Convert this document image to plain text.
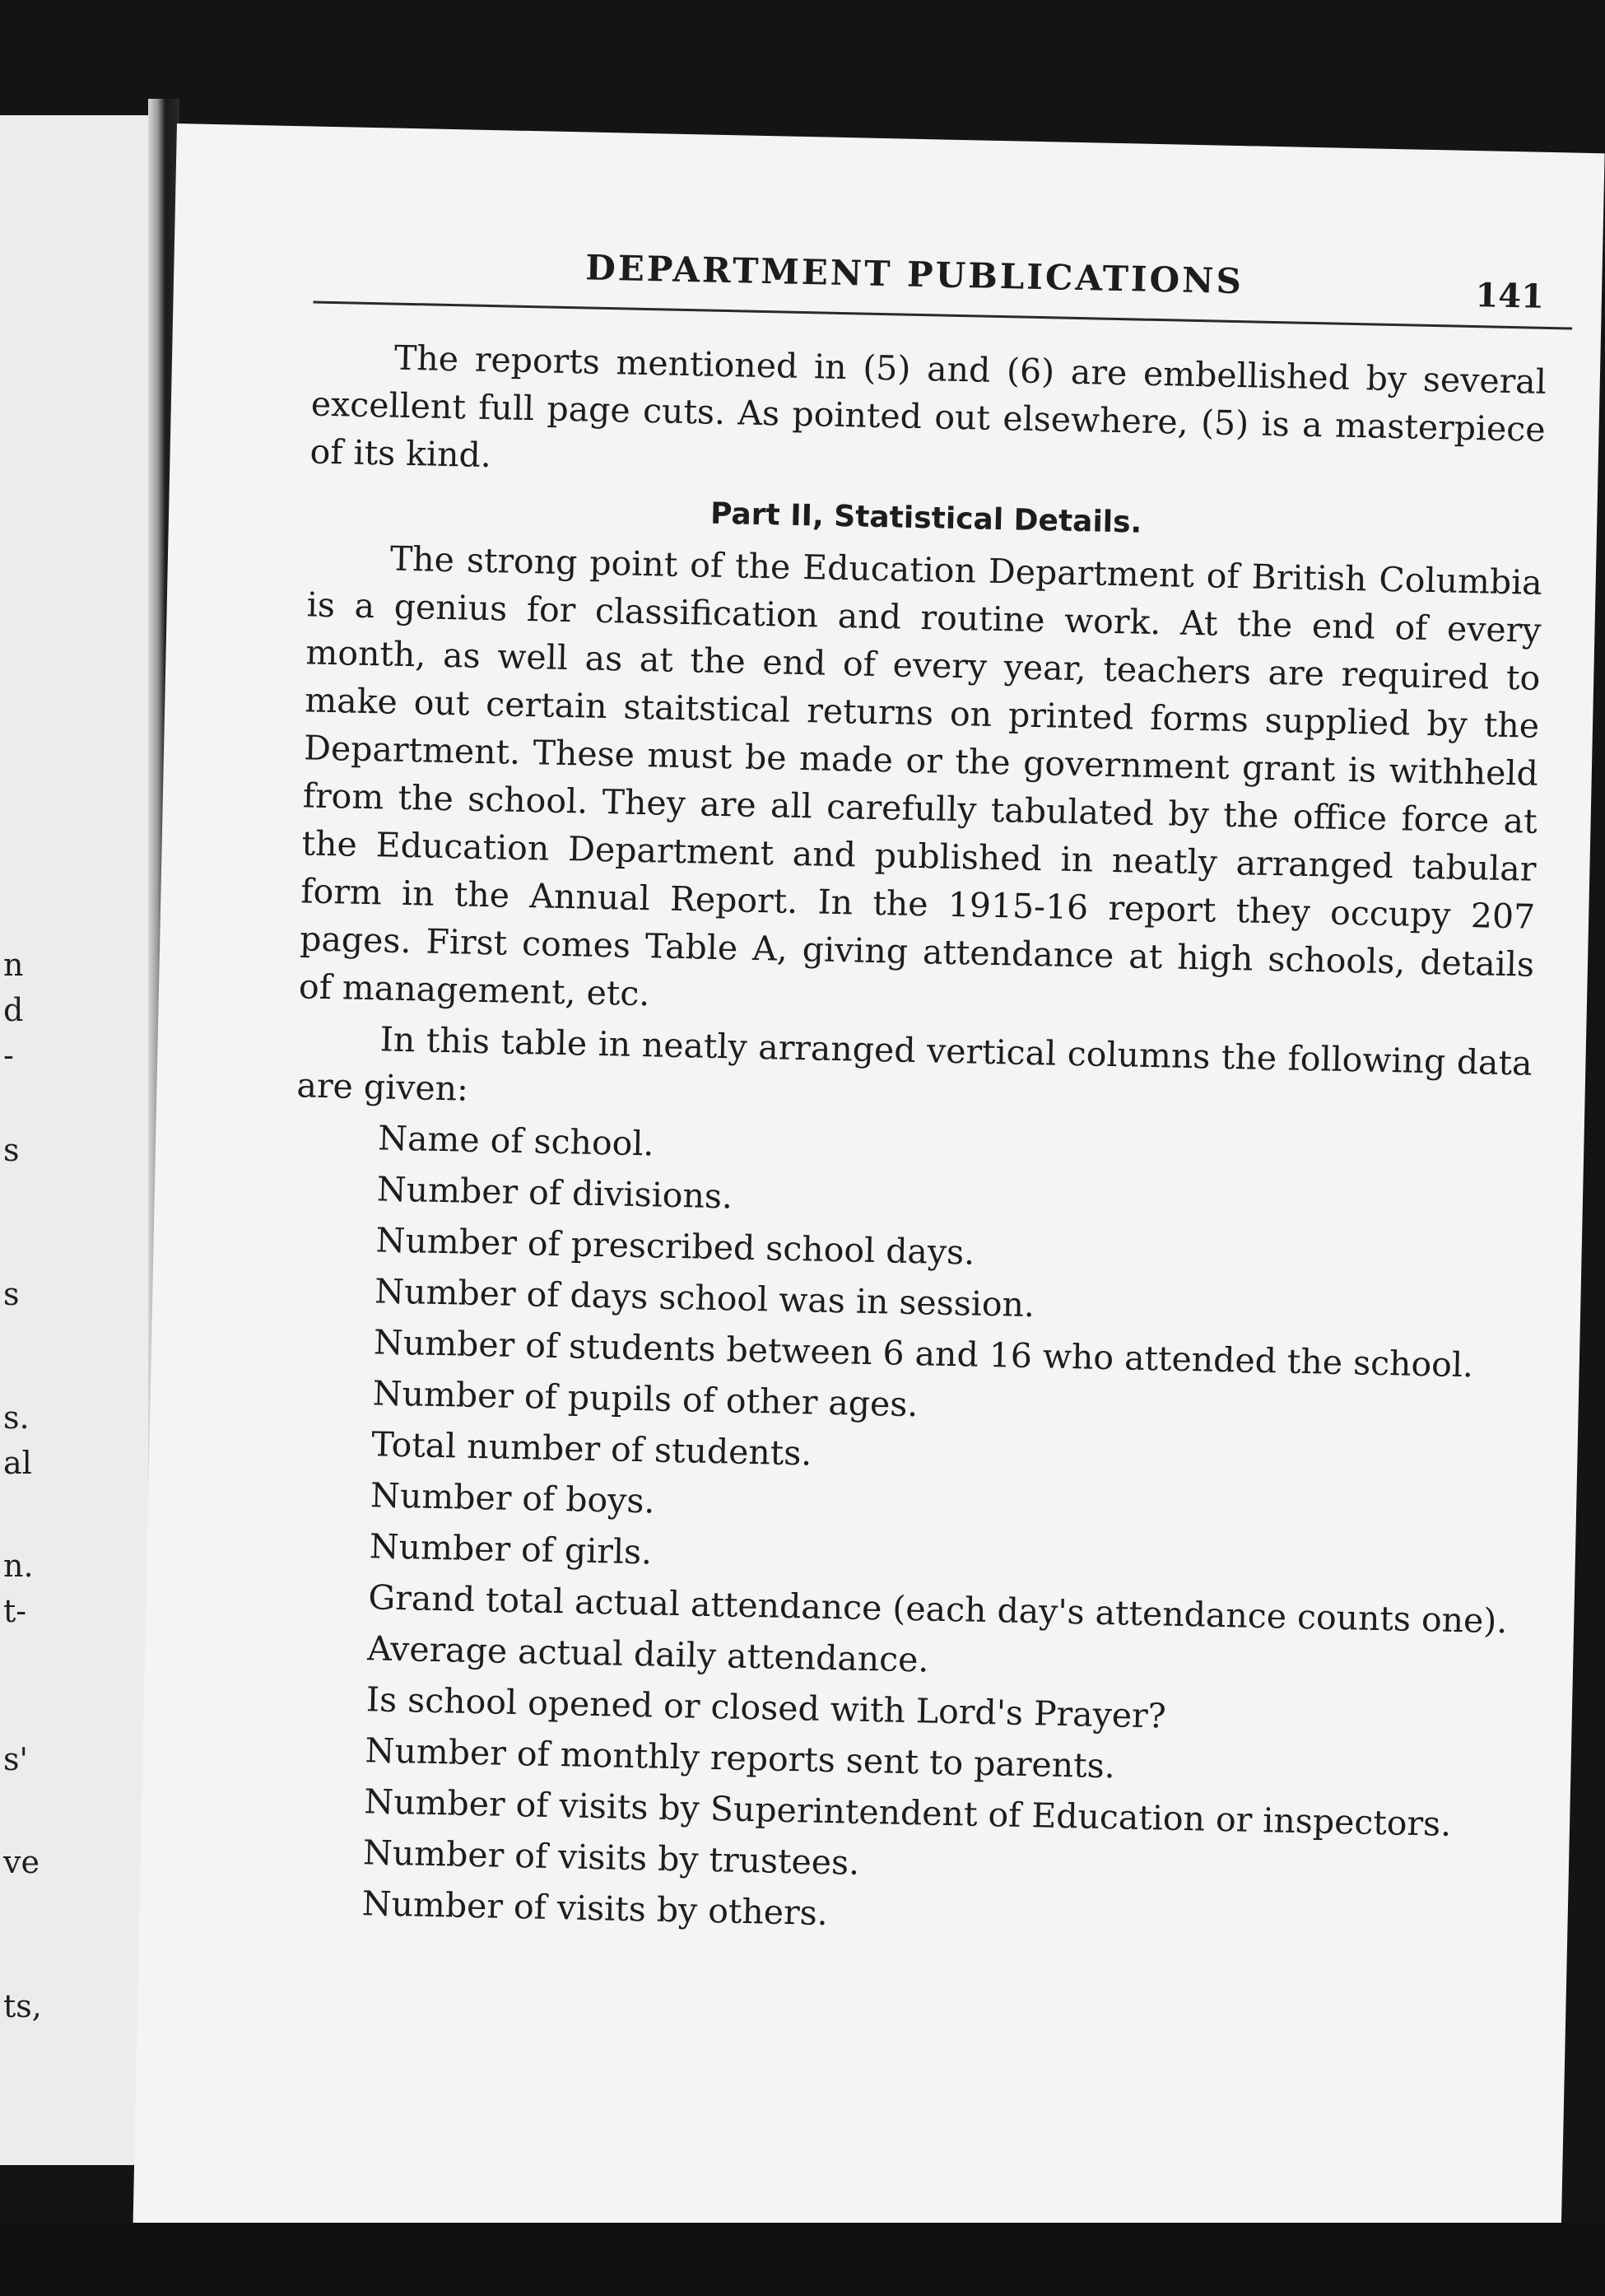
n
d
-
s
s
s.
al
n.
t-
s'
ve
ts,
DEPARTMENT PUBLICATIONS	141

The reports mentioned in (5) and (6) are embellished by several excellent full page cuts. As pointed out elsewhere, (5) is a masterpiece of its kind.

Part II, Statistical Details.

The strong point of the Education Department of British Columbia is a genius for classification and routine work. At the end of every month, as well as at the end of every year, teachers are required to make out certain staitstical returns on printed forms supplied by the Department. These must be made or the government grant is withheld from the school. They are all carefully tabulated by the office force at the Education Department and published in neatly arranged tabular form in the Annual Report. In the 1915-16 report they occupy 207 pages. First comes Table A, giving attendance at high schools, details of management, etc.

In this table in neatly arranged vertical columns the following data are given:

Name of school.
Number of divisions.
Number of prescribed school days.
Number of days school was in session.
Number of students between 6 and 16 who attended the school.
Number of pupils of other ages.
Total number of students.
Number of boys.
Number of girls.
Grand total actual attendance (each day's attendance counts one).
Average actual daily attendance.
Is school opened or closed with Lord's Prayer?
Number of monthly reports sent to parents.
Number of visits by Superintendent of Education or inspectors.
Number of visits by trustees.
Number of visits by others.
